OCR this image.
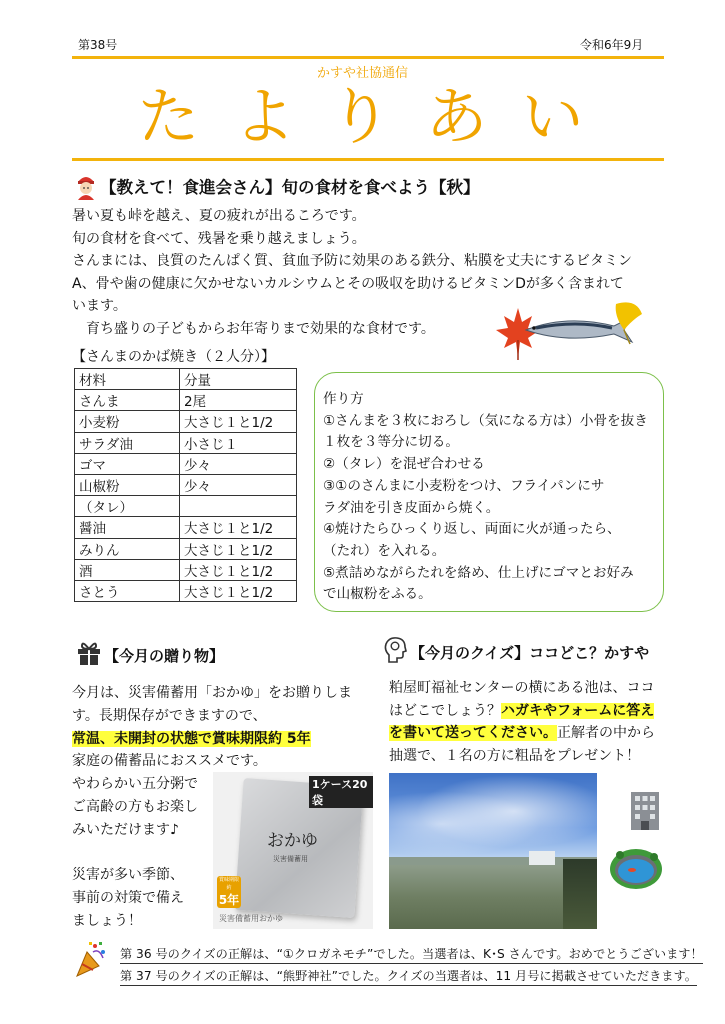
第38号	令和6年9月
かすや社協通信
たよりあい
【教えて！食進会さん】旬の食材を食べよう【秋】
暑い夏も峠を越え、夏の疲れが出るころです。
旬の食材を食べて、残暑を乗り越えましょう。
さんまには、良質のたんぱく質、貧血予防に効果のある鉄分、粘膜を丈夫にするビタミン
A、骨や歯の健康に欠かせないカルシウムとその吸収を助けるビタミンDが多く含まれて
います。
　育ち盛りの子どもからお年寄りまで効果的な食材です。
【さんまのかば焼き（２人分）】
材料	分量
さんま	2尾
小麦粉	大さじ１と1/2
サラダ油	小さじ１
ゴマ	少々
山椒粉	少々
（タレ）	
醤油	大さじ１と1/2
みりん	大さじ１と1/2
酒	大さじ１と1/2
さとう	大さじ１と1/2
作り方
①さんまを３枚におろし（気になる方は）小骨を抜き
１枚を３等分に切る。
②（タレ）を混ぜ合わせる
③①のさんまに小麦粉をつけ、フライパンにサ
ラダ油を引き皮面から焼く。
④焼けたらひっくり返し、両面に火が通ったら、
（たれ）を入れる。
⑤煮詰めながらたれを絡め、仕上げにゴマとお好み
で山椒粉をふる。
【今月の贈り物】
今月は、災害備蓄用「おかゆ」をお贈りしま
す。長期保存ができますので、
常温、未開封の状態で賞味期限約 5年
家庭の備蓄品におススメです。
やわらかい五分粥で
ご高齢の方もお楽し
みいただけます♪
災害が多い季節、
事前の対策で備え
ましょう！
1ケース20袋
おかゆ
災害備蓄用
賞味期限約
5年
災害備蓄用おかゆ
【今月のクイズ】ココどこ？かすや
粕屋町福祉センターの横にある池は、ココ
はどこでしょう？ハガキやフォームに答え
を書いて送ってください。正解者の中から
抽選で、１名の方に粗品をプレゼント！
第 36 号のクイズの正解は、“①クロガネモチ”でした。当選者は、K･S さんです。おめでとうございます！
第 37 号のクイズの正解は、“熊野神社”でした。クイズの当選者は、11 月号に掲載させていただきます。
